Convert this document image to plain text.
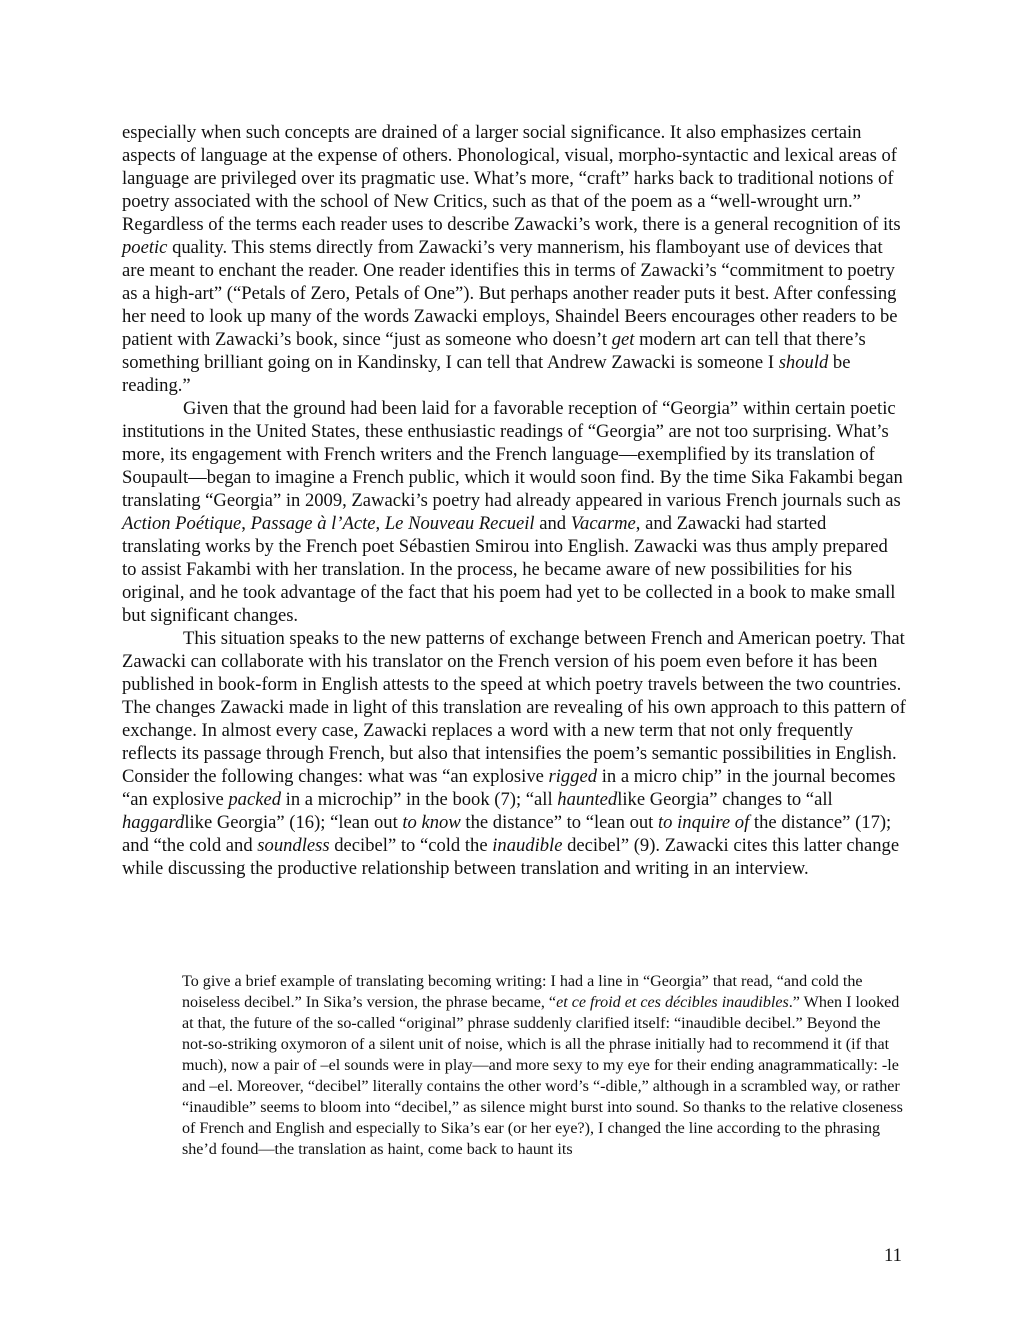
especially when such concepts are drained of a larger social significance. It also emphasizes certain aspects of language at the expense of others. Phonological, visual, morpho-syntactic and lexical areas of language are privileged over its pragmatic use. What’s more, “craft” harks back to traditional notions of poetry associated with the school of New Critics, such as that of the poem as a “well-wrought urn.” Regardless of the terms each reader uses to describe Zawacki’s work, there is a general recognition of its poetic quality. This stems directly from Zawacki’s very mannerism, his flamboyant use of devices that are meant to enchant the reader. One reader identifies this in terms of Zawacki’s “commitment to poetry as a high-art” (“Petals of Zero, Petals of One”). But perhaps another reader puts it best. After confessing her need to look up many of the words Zawacki employs, Shaindel Beers encourages other readers to be patient with Zawacki’s book, since “just as someone who doesn’t get modern art can tell that there’s something brilliant going on in Kandinsky, I can tell that Andrew Zawacki is someone I should be reading.”

Given that the ground had been laid for a favorable reception of “Georgia” within certain poetic institutions in the United States, these enthusiastic readings of “Georgia” are not too surprising. What’s more, its engagement with French writers and the French language—exemplified by its translation of Soupault—began to imagine a French public, which it would soon find. By the time Sika Fakambi began translating “Georgia” in 2009, Zawacki’s poetry had already appeared in various French journals such as Action Poétique, Passage à l’Acte, Le Nouveau Recueil and Vacarme, and Zawacki had started translating works by the French poet Sébastien Smirou into English. Zawacki was thus amply prepared to assist Fakambi with her translation. In the process, he became aware of new possibilities for his original, and he took advantage of the fact that his poem had yet to be collected in a book to make small but significant changes.

This situation speaks to the new patterns of exchange between French and American poetry. That Zawacki can collaborate with his translator on the French version of his poem even before it has been published in book-form in English attests to the speed at which poetry travels between the two countries. The changes Zawacki made in light of this translation are revealing of his own approach to this pattern of exchange. In almost every case, Zawacki replaces a word with a new term that not only frequently reflects its passage through French, but also that intensifies the poem’s semantic possibilities in English. Consider the following changes: what was “an explosive rigged in a micro chip” in the journal becomes “an explosive packed in a microchip” in the book (7); “all hauntedlike Georgia” changes to “all haggardlike Georgia” (16); “lean out to know the distance” to “lean out to inquire of the distance” (17); and “the cold and soundless decibel” to “cold the inaudible decibel” (9). Zawacki cites this latter change while discussing the productive relationship between translation and writing in an interview.

To give a brief example of translating becoming writing: I had a line in “Georgia” that read, “and cold the noiseless decibel.” In Sika’s version, the phrase became, “et ce froid et ces décibles inaudibles.” When I looked at that, the future of the so-called “original” phrase suddenly clarified itself: “inaudible decibel.” Beyond the not-so-striking oxymoron of a silent unit of noise, which is all the phrase initially had to recommend it (if that much), now a pair of –el sounds were in play—and more sexy to my eye for their ending anagrammatically: -le and –el. Moreover, “decibel” literally contains the other word’s “-dible,” although in a scrambled way, or rather “inaudible” seems to bloom into “decibel,” as silence might burst into sound. So thanks to the relative closeness of French and English and especially to Sika’s ear (or her eye?), I changed the line according to the phrasing she’d found—the translation as haint, come back to haunt its

11
